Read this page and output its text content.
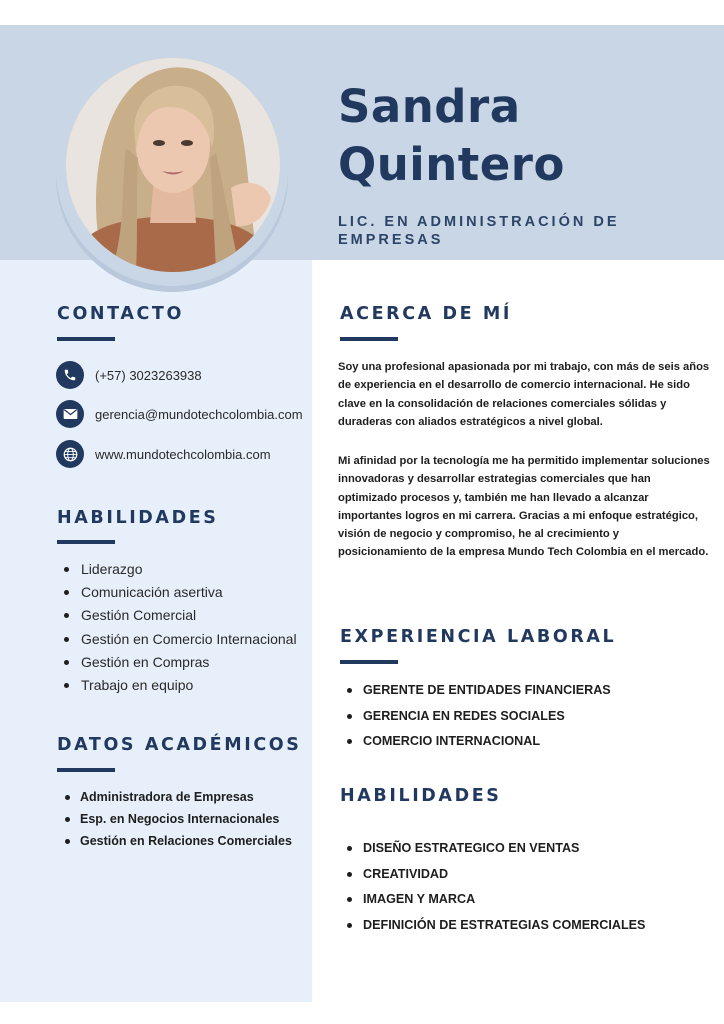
Sandra
Quintero

LIC. EN ADMINISTRACIÓN DE EMPRESAS

CONTACTO
(+57) 3023263938
gerencia@mundotechcolombia.com
www.mundotechcolombia.com
HABILIDADES
Liderazgo
Comunicación asertiva
Gestión Comercial
Gestión en Comercio Internacional
Gestión en Compras
Trabajo en equipo
DATOS ACADÉMICOS
Administradora de Empresas
Esp. en Negocios Internacionales
Gestión en Relaciones Comerciales
ACERCA DE MÍ

Soy una profesional apasionada por mi trabajo, con más de seis años de experiencia en el desarrollo de comercio internacional. He sido clave en la consolidación de relaciones comerciales sólidas y duraderas con aliados estratégicos a nivel global.

Mi afinidad por la tecnología me ha permitido implementar soluciones innovadoras y desarrollar estrategias comerciales que han optimizado procesos y, también me han llevado a alcanzar importantes logros en mi carrera. Gracias a mi enfoque estratégico, visión de negocio y compromiso, he al crecimiento y posicionamiento de la empresa Mundo Tech Colombia en el mercado.

EXPERIENCIA LABORAL
GERENTE DE ENTIDADES FINANCIERAS
GERENCIA EN REDES SOCIALES
COMERCIO INTERNACIONAL
HABILIDADES
DISEÑO ESTRATEGICO EN VENTAS
CREATIVIDAD
IMAGEN Y MARCA
DEFINICIÓN DE ESTRATEGIAS COMERCIALES
